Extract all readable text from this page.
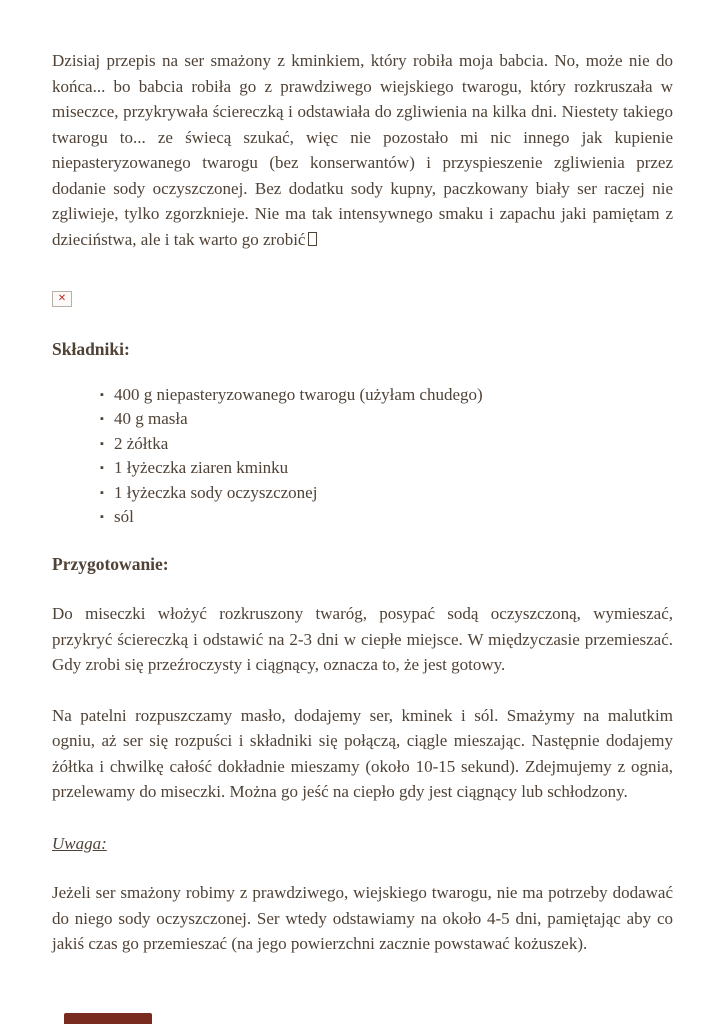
Dzisiaj przepis na ser smażony z kminkiem, który robiła moja babcia. No, może nie do końca... bo babcia robiła go z prawdziwego wiejskiego twarogu, który rozkruszała w miseczce, przykrywała ściereczką i odstawiała do zgliwienia na kilka dni. Niestety takiego twarogu to... ze świecą szukać, więc nie pozostało mi nic innego jak kupienie niepasteryzowanego twarogu (bez konserwantów) i przyspieszenie zgliwienia przez dodanie sody oczyszczonej. Bez dodatku sody kupny, paczkowany biały ser raczej nie zgliwieje, tylko zgorzknieje. Nie ma tak intensywnego smaku i zapachu jaki pamiętam z dzieciństwa, ale i tak warto go zrobić

✕
Składniki:
▪ 400 g niepasteryzowanego twarogu (użyłam chudego)
▪ 40 g masła
▪ 2 żółtka
▪ 1 łyżeczka ziaren kminku
▪ 1 łyżeczka sody oczyszczonej
▪ sól
Przygotowanie:

Do miseczki włożyć rozkruszony twaróg, posypać sodą oczyszczoną, wymieszać, przykryć ściereczką i odstawić na 2-3 dni w ciepłe miejsce. W międzyczasie przemieszać. Gdy zrobi się przeźroczysty i ciągnący, oznacza to, że jest gotowy.

Na patelni rozpuszczamy masło, dodajemy ser, kminek i sól. Smażymy na malutkim ogniu, aż ser się rozpuści i składniki się połączą, ciągle mieszając. Następnie dodajemy żółtka i chwilkę całość dokładnie mieszamy (około 10-15 sekund). Zdejmujemy z ognia, przelewamy do miseczki. Można go jeść na ciepło gdy jest ciągnący lub schłodzony.

Uwaga:

Jeżeli ser smażony robimy z prawdziwego, wiejskiego twarogu, nie ma potrzeby dodawać do niego sody oczyszczonej. Ser wtedy odstawiamy na około 4-5 dni, pamiętając aby co jakiś czas go przemieszać (na jego powierzchni zacznie powstawać kożuszek).
